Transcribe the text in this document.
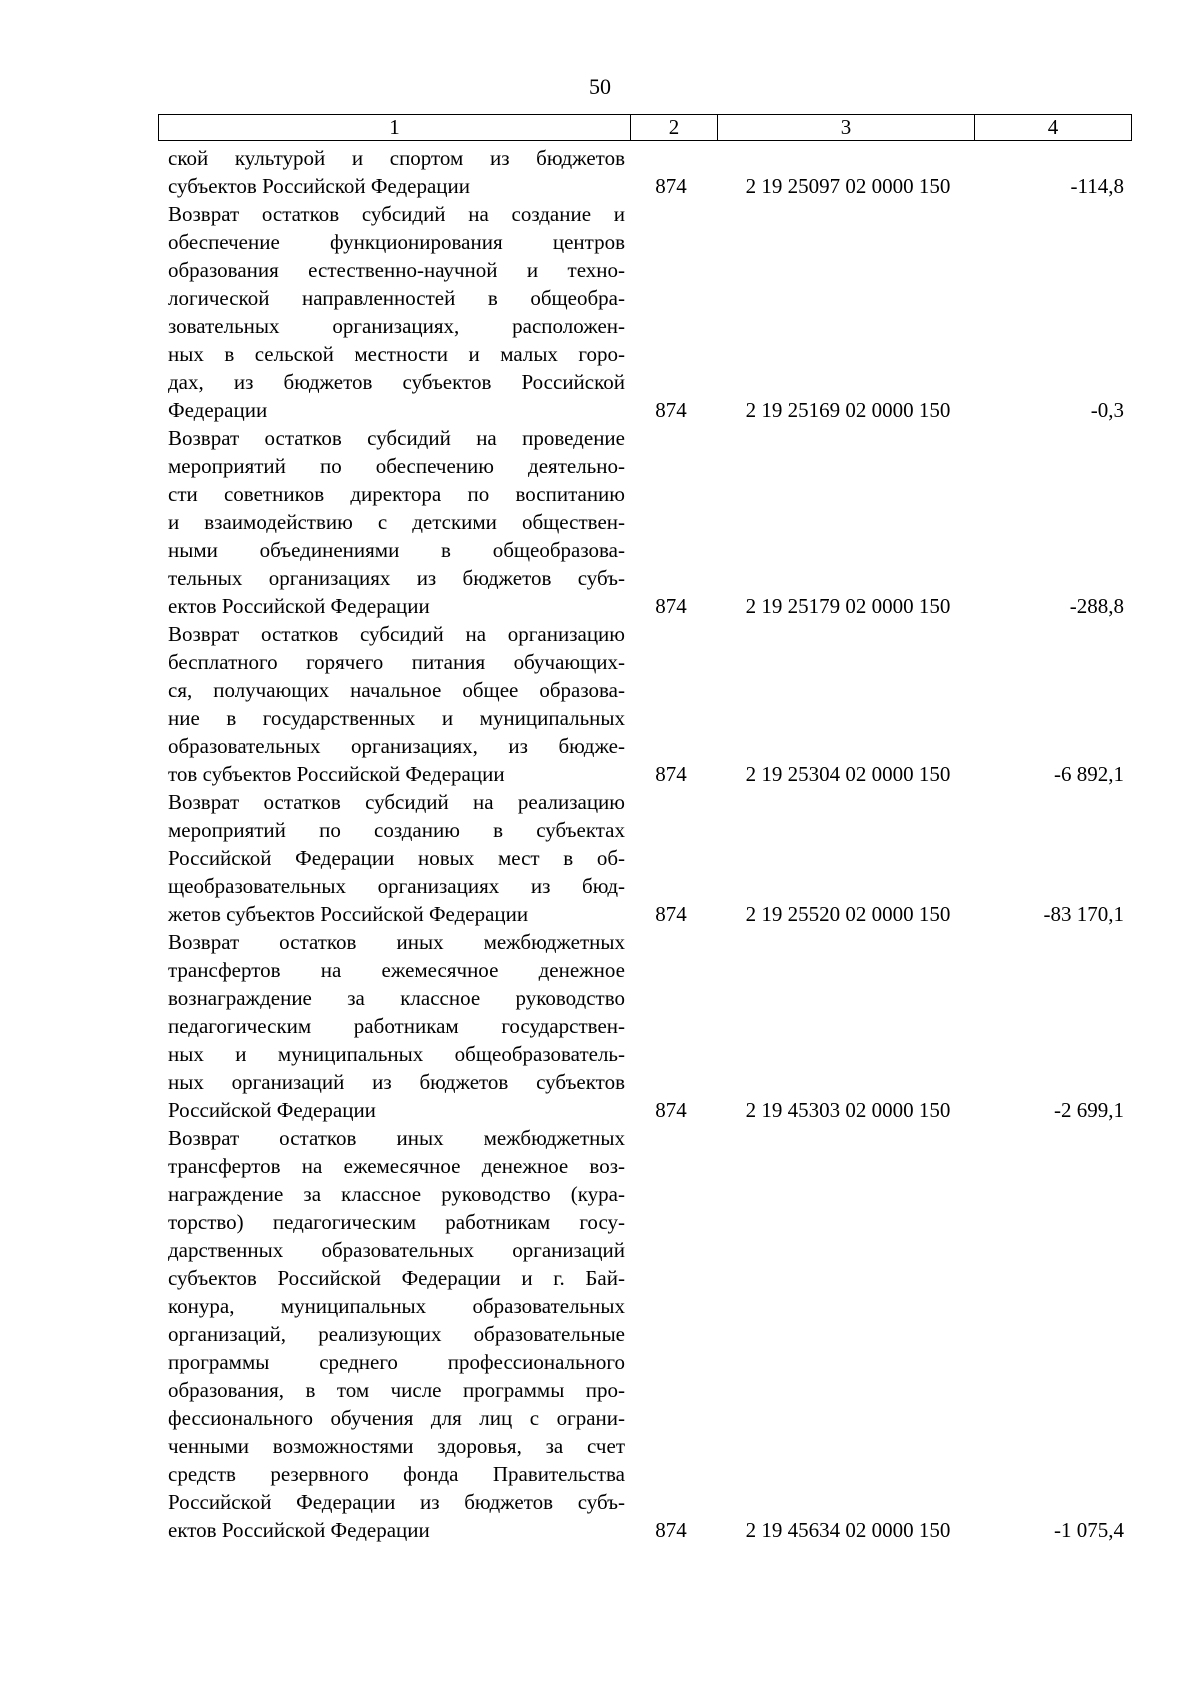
50
1	2	3	4
ской культурой и спортом из бюджетов
субъектов Российской Федерации	874	2 19 25097 02 0000 150	-114,8
Возврат остатков субсидий на создание и
обеспечение функционирования центров
образования естественно-научной и техно-
логической направленностей в общеобра-
зовательных организациях, расположен-
ных в сельской местности и малых горо-
дах, из бюджетов субъектов Российской
Федерации	874	2 19 25169 02 0000 150	-0,3
Возврат остатков субсидий на проведение
мероприятий по обеспечению деятельно-
сти советников директора по воспитанию
и взаимодействию с детскими обществен-
ными объединениями в общеобразова-
тельных организациях из бюджетов субъ-
ектов Российской Федерации	874	2 19 25179 02 0000 150	-288,8
Возврат остатков субсидий на организацию
бесплатного горячего питания обучающих-
ся, получающих начальное общее образова-
ние в государственных и муниципальных
образовательных организациях, из бюдже-
тов субъектов Российской Федерации	874	2 19 25304 02 0000 150	-6 892,1
Возврат остатков субсидий на реализацию
мероприятий по созданию в субъектах
Российской Федерации новых мест в об-
щеобразовательных организациях из бюд-
жетов субъектов Российской Федерации	874	2 19 25520 02 0000 150	-83 170,1
Возврат остатков иных межбюджетных
трансфертов на ежемесячное денежное
вознаграждение за классное руководство
педагогическим работникам государствен-
ных и муниципальных общеобразователь-
ных организаций из бюджетов субъектов
Российской Федерации	874	2 19 45303 02 0000 150	-2 699,1
Возврат остатков иных межбюджетных
трансфертов на ежемесячное денежное воз-
награждение за классное руководство (кура-
торство) педагогическим работникам госу-
дарственных образовательных организаций
субъектов Российской Федерации и г. Бай-
конура, муниципальных образовательных
организаций, реализующих образовательные
программы среднего профессионального
образования, в том числе программы про-
фессионального обучения для лиц с ограни-
ченными возможностями здоровья, за счет
средств резервного фонда Правительства
Российской Федерации из бюджетов субъ-
ектов Российской Федерации	874	2 19 45634 02 0000 150	-1 075,4
